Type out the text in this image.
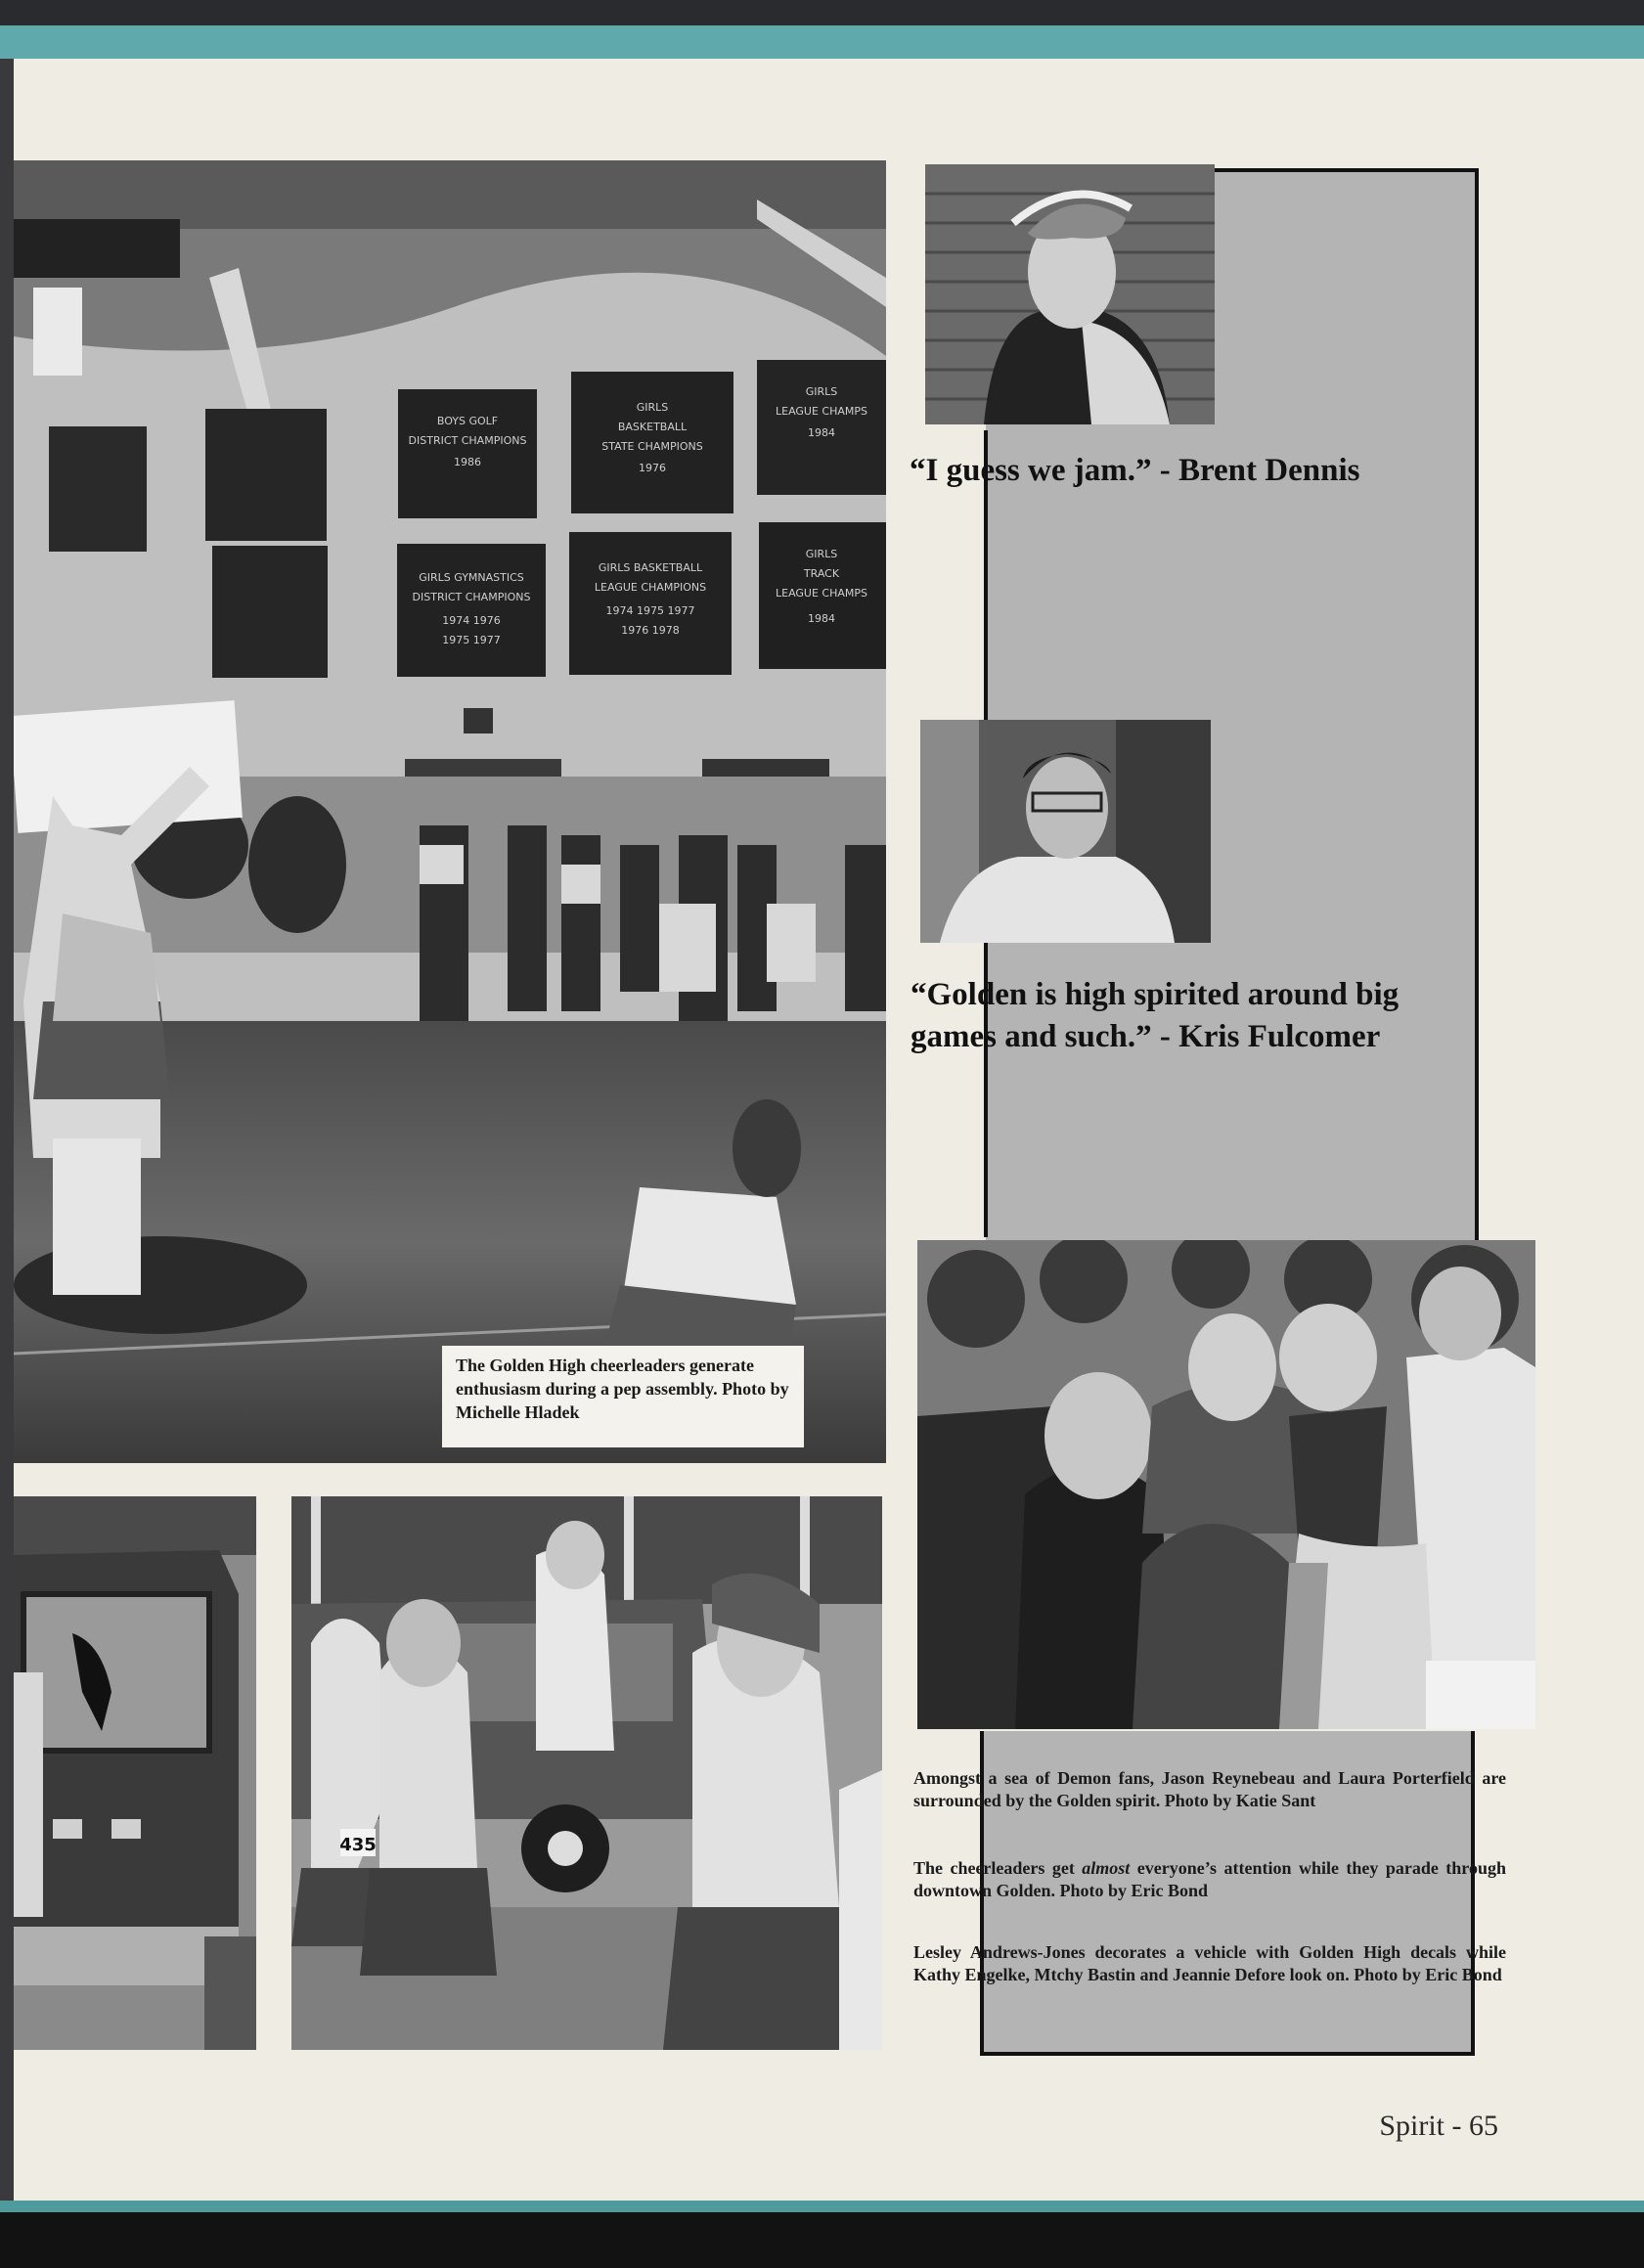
BOYS GOLF
DISTRICT CHAMPIONS
1986
GIRLS
BASKETBALL
STATE CHAMPIONS
1976
GIRLS
LEAGUE CHAMPS
1984
GIRLS GYMNASTICS
DISTRICT CHAMPIONS
1974 1976
1975 1977
GIRLS BASKETBALL
LEAGUE CHAMPIONS
1974 1975 1977
1976 1978
GIRLS
TRACK
LEAGUE CHAMPS
1984
The Golden High cheerleaders generate enthusiasm during a pep assembly. Photo by Michelle Hladek
“I guess we jam.” - Brent Dennis
“Golden is high spirited around big
games and such.” - Kris Fulcomer
435
Amongst a sea of Demon fans, Jason Reynebeau and Laura Porterfield are surrounded by the Golden spirit. Photo by Katie Sant
The cheerleaders get almost everyone’s attention while they parade through downtown Golden. Photo by Eric Bond
Lesley Andrews-Jones decorates a vehicle with Golden High decals while Kathy Engelke, Mtchy Bastin and Jeannie Defore look on. Photo by Eric Bond
Spirit - 65
